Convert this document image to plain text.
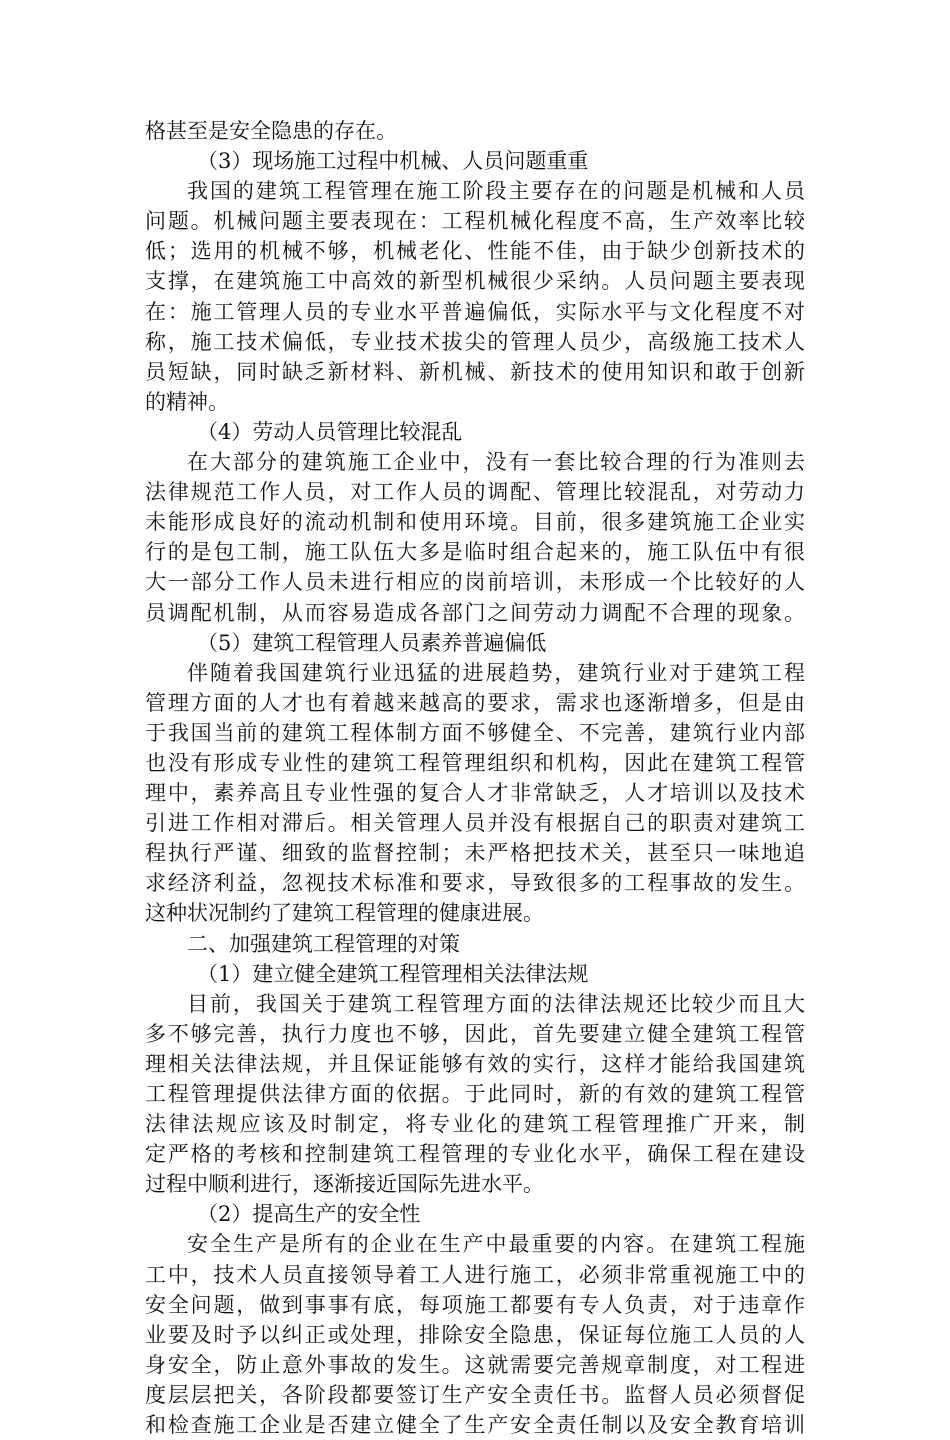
格甚至是安全隐患的存在。
（3）现场施工过程中机械、人员问题重重
我国的建筑工程管理在施工阶段主要存在的问题是机械和人员
问题。机械问题主要表现在：工程机械化程度不高，生产效率比较
低；选用的机械不够，机械老化、性能不佳，由于缺少创新技术的
支撑，在建筑施工中高效的新型机械很少采纳。人员问题主要表现
在：施工管理人员的专业水平普遍偏低，实际水平与文化程度不对
称，施工技术偏低，专业技术拔尖的管理人员少，高级施工技术人
员短缺，同时缺乏新材料、新机械、新技术的使用知识和敢于创新
的精神。
（4）劳动人员管理比较混乱
在大部分的建筑施工企业中，没有一套比较合理的行为准则去
法律规范工作人员，对工作人员的调配、管理比较混乱，对劳动力
未能形成良好的流动机制和使用环境。目前，很多建筑施工企业实
行的是包工制，施工队伍大多是临时组合起来的，施工队伍中有很
大一部分工作人员未进行相应的岗前培训，未形成一个比较好的人
员调配机制，从而容易造成各部门之间劳动力调配不合理的现象。
（5）建筑工程管理人员素养普遍偏低
伴随着我国建筑行业迅猛的进展趋势，建筑行业对于建筑工程
管理方面的人才也有着越来越高的要求，需求也逐渐增多，但是由
于我国当前的建筑工程体制方面不够健全、不完善，建筑行业内部
也没有形成专业性的建筑工程管理组织和机构，因此在建筑工程管
理中，素养高且专业性强的复合人才非常缺乏，人才培训以及技术
引进工作相对滞后。相关管理人员并没有根据自己的职责对建筑工
程执行严谨、细致的监督控制；未严格把技术关，甚至只一味地追
求经济利益，忽视技术标准和要求，导致很多的工程事故的发生。
这种状况制约了建筑工程管理的健康进展。
二、加强建筑工程管理的对策
（1）建立健全建筑工程管理相关法律法规
目前，我国关于建筑工程管理方面的法律法规还比较少而且大
多不够完善，执行力度也不够，因此，首先要建立健全建筑工程管
理相关法律法规，并且保证能够有效的实行，这样才能给我国建筑
工程管理提供法律方面的依据。于此同时，新的有效的建筑工程管
法律法规应该及时制定，将专业化的建筑工程管理推广开来，制
定严格的考核和控制建筑工程管理的专业化水平，确保工程在建设
过程中顺利进行，逐渐接近国际先进水平。
（2）提高生产的安全性
安全生产是所有的企业在生产中最重要的内容。在建筑工程施
工中，技术人员直接领导着工人进行施工，必须非常重视施工中的
安全问题，做到事事有底，每项施工都要有专人负责，对于违章作
业要及时予以纠正或处理，排除安全隐患，保证每位施工人员的人
身安全，防止意外事故的发生。这就需要完善规章制度，对工程进
度层层把关，各阶段都要签订生产安全责任书。监督人员必须督促
和检查施工企业是否建立健全了生产安全责任制以及安全教育培训
